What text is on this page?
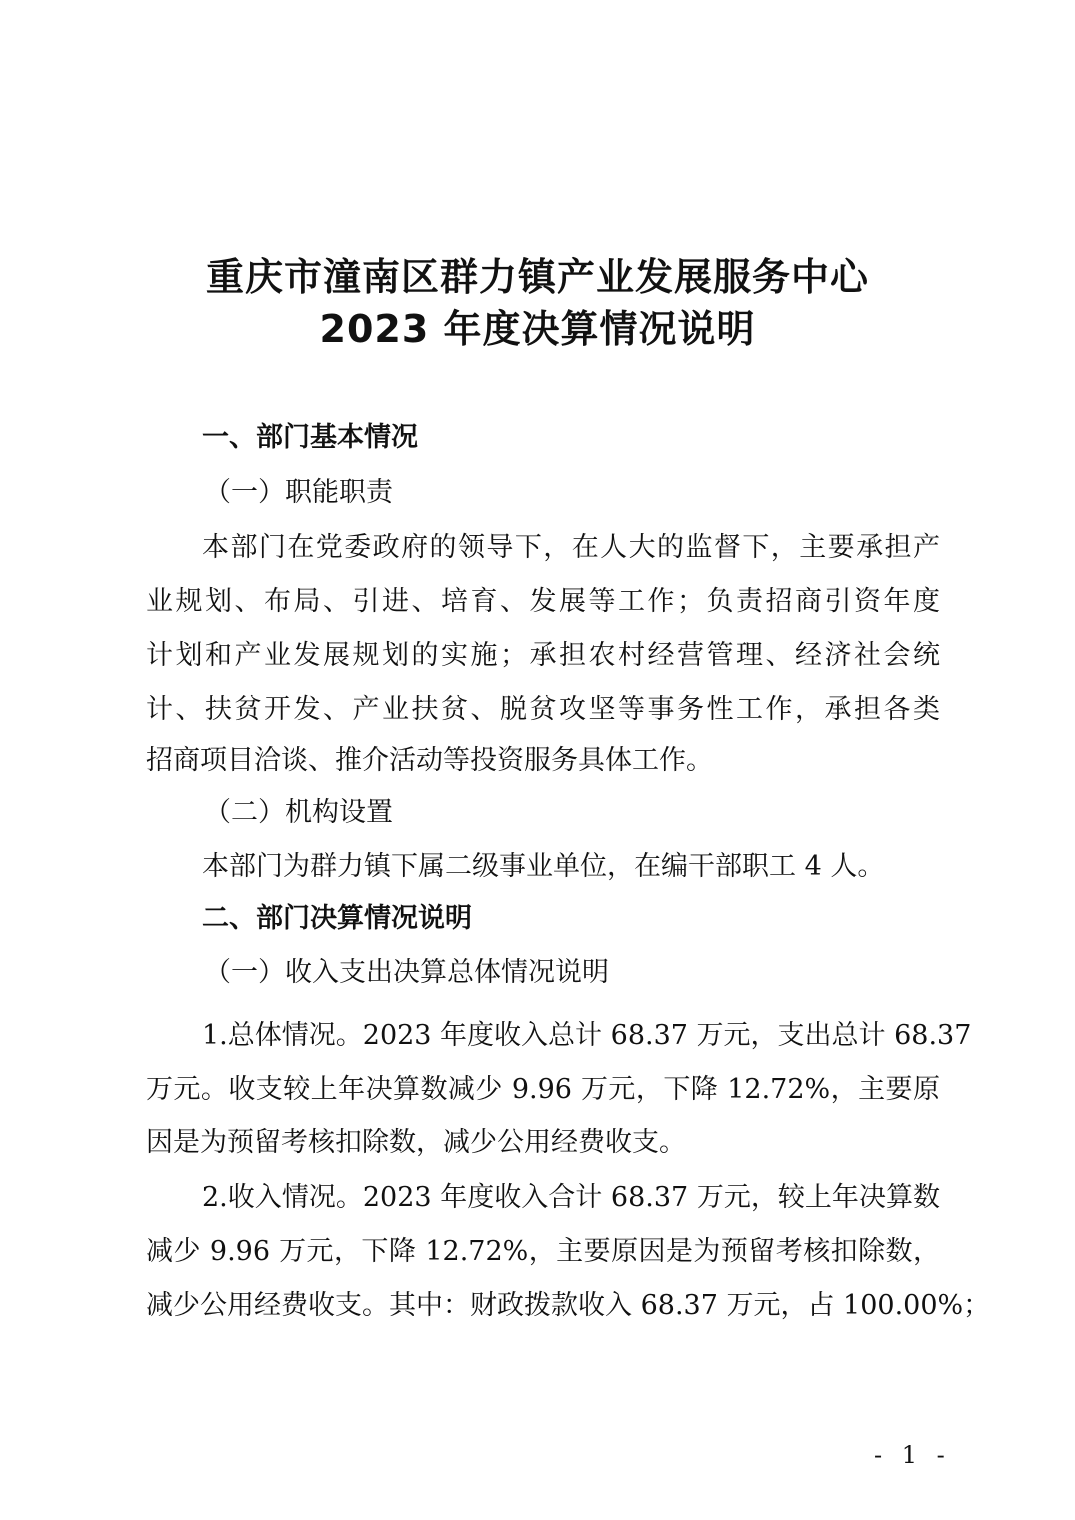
重庆市潼南区群力镇产业发展服务中心
2023 年度决算情况说明
一、部门基本情况
（一）职能职责
本部门在党委政府的领导下，在人大的监督下，主要承担产
业规划、布局、引进、培育、发展等工作；负责招商引资年度
计划和产业发展规划的实施；承担农村经营管理、经济社会统
计、扶贫开发、产业扶贫、脱贫攻坚等事务性工作，承担各类
招商项目洽谈、推介活动等投资服务具体工作。
（二）机构设置
本部门为群力镇下属二级事业单位，在编干部职工 4 人。
二、部门决算情况说明
（一）收入支出决算总体情况说明
1.总体情况。2023 年度收入总计 68.37 万元，支出总计 68.37
万元。收支较上年决算数减少 9.96 万元，下降 12.72%，主要原
因是为预留考核扣除数，减少公用经费收支。
2.收入情况。2023 年度收入合计 68.37 万元，较上年决算数
减少 9.96 万元，下降 12.72%，主要原因是为预留考核扣除数，
减少公用经费收支。其中：财政拨款收入 68.37 万元，占 100.00%；
- 1 -
